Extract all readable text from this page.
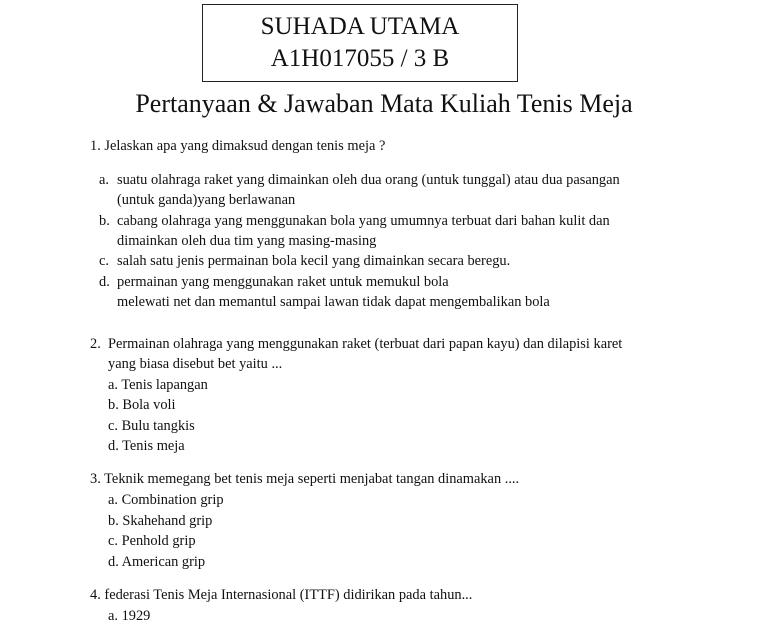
SUHADA UTAMA
A1H017055 / 3 B
Pertanyaan & Jawaban Mata Kuliah Tenis Meja
1. Jelaskan apa yang dimaksud dengan tenis meja ?
a. suatu olahraga raket yang dimainkan oleh dua orang (untuk tunggal) atau dua pasangan
(untuk ganda)yang berlawanan
b. cabang olahraga yang menggunakan bola yang umumnya terbuat dari bahan kulit dan
dimainkan oleh dua tim yang masing-masing
c. salah satu jenis permainan bola kecil yang dimainkan secara beregu.
d. permainan yang menggunakan raket untuk memukul bola
melewati net dan memantul sampai lawan tidak dapat mengembalikan bola
2. Permainan olahraga yang menggunakan raket (terbuat dari papan kayu) dan dilapisi karet
yang biasa disebut bet yaitu ...
a. Tenis lapangan
b. Bola voli
c. Bulu tangkis
d. Tenis meja
3. Teknik memegang bet tenis meja seperti menjabat tangan dinamakan ....
a. Combination grip
b. Skahehand grip
c. Penhold grip
d. American grip
4. federasi Tenis Meja Internasional (ITTF) didirikan pada tahun...
a. 1929
